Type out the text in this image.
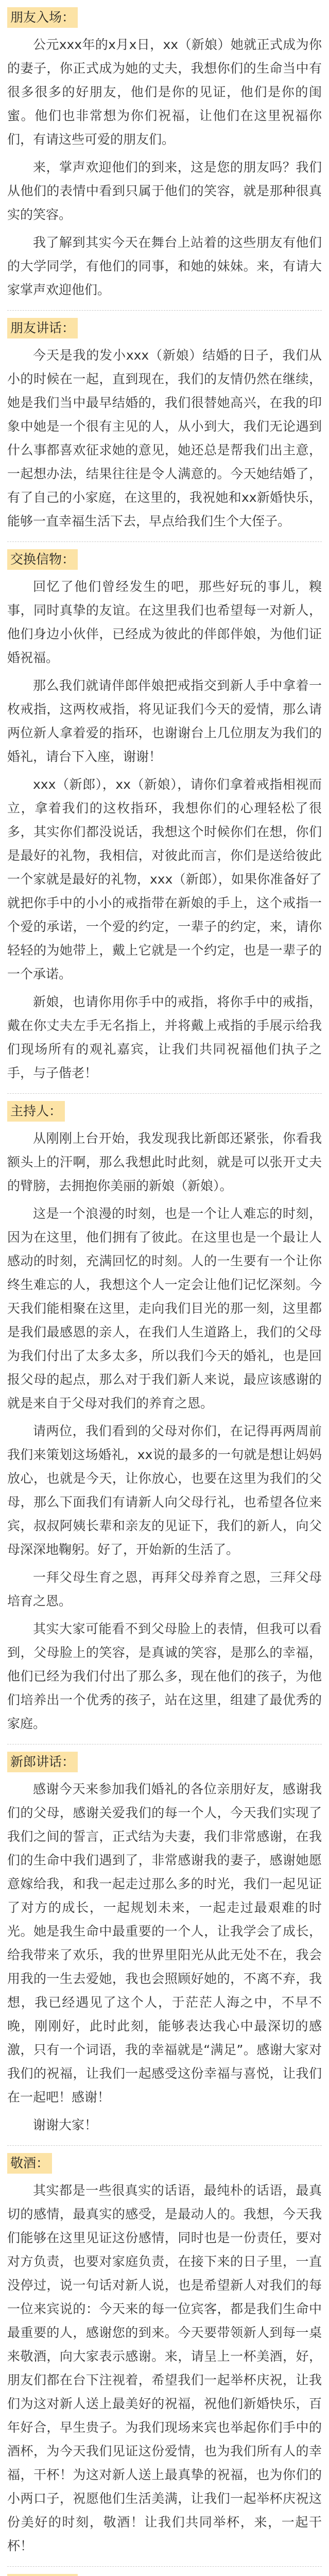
朋友入场：

公元xxx年的x月x日，xx（新娘）她就正式成为你的妻子，你正式成为她的丈夫，我想你们的生命当中有很多很多的好朋友，他们是你的见证，他们是你的闺蜜。他们也非常想为你们祝福，让他们在这里祝福你们，有请这些可爱的朋友们。

来，掌声欢迎他们的到来，这是您的朋友吗？我们从他们的表情中看到只属于他们的笑容，就是那种很真实的笑容。

我了解到其实今天在舞台上站着的这些朋友有他们的大学同学，有他们的同事，和她的妹妹。来，有请大家掌声欢迎他们。

朋友讲话：

今天是我的发小xxx（新娘）结婚的日子，我们从小的时候在一起，直到现在，我们的友情仍然在继续，她是我们当中最早结婚的，我们很替她高兴，在我的印象中她是一个很有主见的人，从小到大，我们无论遇到什么事都喜欢征求她的意见，她还总是帮我们出主意，一起想办法，结果往往是令人满意的。今天她结婚了，有了自己的小家庭，在这里的，我祝她和xx新婚快乐，能够一直幸福生活下去，早点给我们生个大侄子。

交换信物：

回忆了他们曾经发生的吧，那些好玩的事儿，糗事，同时真挚的友谊。在这里我们也希望每一对新人，他们身边小伙伴，已经成为彼此的伴郎伴娘，为他们证婚祝福。

那么我们就请伴郎伴娘把戒指交到新人手中拿着一枚戒指，这两枚戒指，将见证我们今天的爱情，那么请两位新人拿着爱的指环，也谢谢台上几位朋友为我们的婚礼，请台下入座，谢谢！

xxx（新郎），xx（新娘），请你们拿着戒指相视而立，拿着我们的这枚指环，我想你们的心理轻松了很多，其实你们都没说话，我想这个时候你们在想，你们是最好的礼物，我相信，对彼此而言，你们是送给彼此一个家就是最好的礼物，xxx（新郎），如果你准备好了就把你手中的小小的戒指带在新娘的手上，这个戒指一个爱的承诺，一个爱的约定，一辈子的约定，来，请你轻轻的为她带上，戴上它就是一个约定，也是一辈子的一个承诺。

新娘，也请你用你手中的戒指，将你手中的戒指，戴在你丈夫左手无名指上，并将戴上戒指的手展示给我们现场所有的观礼嘉宾，让我们共同祝福他们执子之手，与子偕老！

主持人：

从刚刚上台开始，我发现我比新郎还紧张，你看我额头上的汗啊，那么我想此时此刻，就是可以张开丈夫的臂膀，去拥抱你美丽的新娘（新娘）。

这是一个浪漫的时刻，也是一个让人难忘的时刻，因为在这里，他们拥有了彼此。在这里也是一个最让人感动的时刻，充满回忆的时刻。人的一生要有一个让你终生难忘的人，我想这个人一定会让他们记忆深刻。今天我们能相聚在这里，走向我们目光的那一刻，这里都是我们最感恩的亲人，在我们人生道路上，我们的父母为我们付出了太多太多，所以我们今天的婚礼，也是回报父母的起点，那么对于我们新人来说，最应该感谢的就是来自于父母对我们的养育之恩。

请两位，我们看到的父母对你们，在记得再两周前我们来策划这场婚礼，xx说的最多的一句就是想让妈妈放心，也就是今天，让你放心，也要在这里为我们的父母，那么下面我们有请新人向父母行礼，也希望各位来宾，叔叔阿姨长辈和亲友的见证下，我们的新人，向父母深深地鞠躬。好了，开始新的生活了。

一拜父母生育之恩，再拜父母养育之恩，三拜父母培育之恩。

其实大家可能看不到父母脸上的表情，但我可以看到，父母脸上的笑容，是真诚的笑容，是那么的幸福，他们已经为我们付出了那么多，现在他们的孩子，为他们培养出一个优秀的孩子，站在这里，组建了最优秀的家庭。

新郎讲话：

感谢今天来参加我们婚礼的各位亲朋好友，感谢我们的父母，感谢关爱我们的每一个人，今天我们实现了我们之间的誓言，正式结为夫妻，我们非常感谢，在我们的生命中我们遇到了，非常感谢我的妻子，感谢她愿意嫁给我，和我一起走过那么多的时光，我们一起见证了对方的成长，一起规划未来，一起走过最艰难的时光。她是我生命中最重要的一个人，让我学会了成长，给我带来了欢乐，我的世界里阳光从此无处不在，我会用我的一生去爱她，我也会照顾好她的，不离不弃，我想，我已经遇见了这个人，于茫茫人海之中，不早不晚，刚刚好，此时此刻，能够表达我心中最深切的感激，只有一个词语，我的幸福就是“满足”。感谢大家对我们的祝福，让我们一起感受这份幸福与喜悦，让我们在一起吧！感谢！

谢谢大家！

敬酒：

其实都是一些很真实的话语，最纯朴的话语，最真切的感情，最真实的感受，是最动人的。我想，今天我们能够在这里见证这份感情，同时也是一份责任，要对对方负责，也要对家庭负责，在接下来的日子里，一直没停过，说一句话对新人说，也是希望新人对我们的每一位来宾说的：今天来的每一位宾客，都是我们生命中最重要的人，感谢您的到来。今天要带领新人到每一桌来敬酒，向大家表示感谢。来，请呈上一杯美酒，好，朋友们都在台下注视着，希望我们一起举杯庆祝，让我们为这对新人送上最美好的祝福，祝他们新婚快乐，百年好合，早生贵子。为我们现场来宾也举起你们手中的酒杯，为今天我们见证这份爱情，也为我们所有人的幸福，干杯！为这对新人送上最真挚的祝福，也为你们的小两口子，祝愿他们生活美满，让我们一起举杯庆祝这份美好的时刻，敬酒！让我们共同举杯，来，一起干杯！
